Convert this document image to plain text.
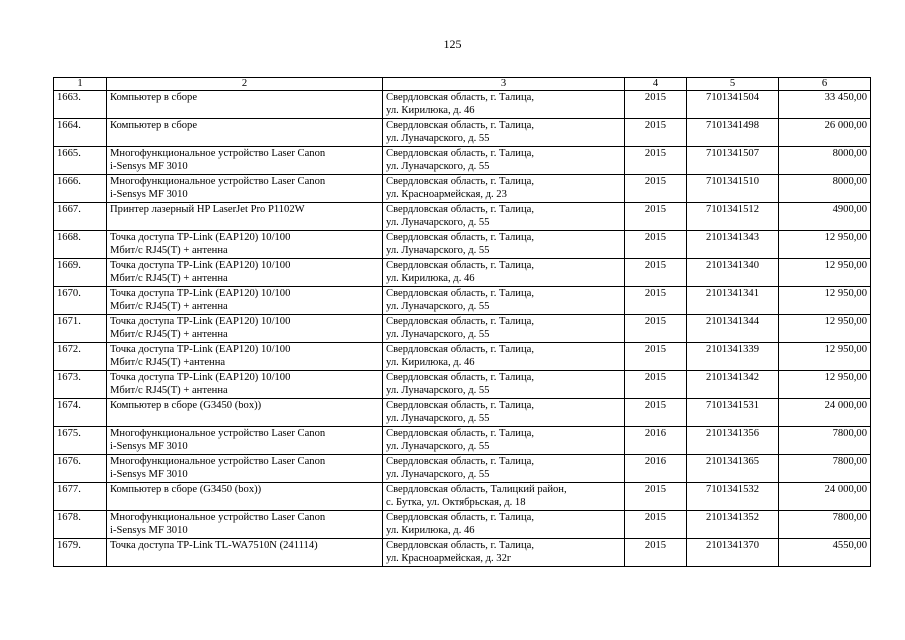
125
1	2	3	4	5	6
1663.	Компьютер в сборе	Свердловская область, г. Талица,
ул. Кирилюка, д. 46	2015	7101341504	33 450,00
1664.	Компьютер в сборе	Свердловская область, г. Талица,
ул. Луначарского, д. 55	2015	7101341498	26 000,00
1665.	Многофункциональное устройство Laser Canon
i-Sensys MF 3010	Свердловская область, г. Талица,
ул. Луначарского, д. 55	2015	7101341507	8000,00
1666.	Многофункциональное устройство Laser Canon
i-Sensys MF 3010	Свердловская область, г. Талица,
ул. Красноармейская, д. 23	2015	7101341510	8000,00
1667.	Принтер лазерный HP LaserJet Pro P1102W	Свердловская область, г. Талица,
ул. Луначарского, д. 55	2015	7101341512	4900,00
1668.	Точка доступа TP-Link (EAP120) 10/100
Мбит/c RJ45(T) + антенна	Свердловская область, г. Талица,
ул. Луначарского, д. 55	2015	2101341343	12 950,00
1669.	Точка доступа TP-Link (EAP120) 10/100
Мбит/c RJ45(T) + антенна	Свердловская область, г. Талица,
ул. Кирилюка, д. 46	2015	2101341340	12 950,00
1670.	Точка доступа TP-Link (EAP120) 10/100
Мбит/c RJ45(T) + антенна	Свердловская область, г. Талица,
ул. Луначарского, д. 55	2015	2101341341	12 950,00
1671.	Точка доступа TP-Link (EAP120) 10/100
Мбит/c RJ45(T) + антенна	Свердловская область, г. Талица,
ул. Луначарского, д. 55	2015	2101341344	12 950,00
1672.	Точка доступа TP-Link (EAP120) 10/100
Мбит/c RJ45(T) +антенна	Свердловская область, г. Талица,
ул. Кирилюка, д. 46	2015	2101341339	12 950,00
1673.	Точка доступа TP-Link (EAP120) 10/100
Мбит/c RJ45(T) + антенна	Свердловская область, г. Талица,
ул. Луначарского, д. 55	2015	2101341342	12 950,00
1674.	Компьютер в сборе (G3450 (box))	Свердловская область, г. Талица,
ул. Луначарского, д. 55	2015	7101341531	24 000,00
1675.	Многофункциональное устройство Laser Canon
i-Sensys MF 3010	Свердловская область, г. Талица,
ул. Луначарского, д. 55	2016	2101341356	7800,00
1676.	Многофункциональное устройство Laser Canon
i-Sensys MF 3010	Свердловская область, г. Талица,
ул. Луначарского, д. 55	2016	2101341365	7800,00
1677.	Компьютер в сборе (G3450 (box))	Свердловская область, Талицкий район,
с. Бутка, ул. Октябрьская, д. 18	2015	7101341532	24 000,00
1678.	Многофункциональное устройство Laser Canon
i-Sensys MF 3010	Свердловская область, г. Талица,
ул. Кирилюка, д. 46	2015	2101341352	7800,00
1679.	Точка доступа TP-Link TL-WA7510N (241114)	Свердловская область, г. Талица,
ул. Красноармейская, д. 32г	2015	2101341370	4550,00
